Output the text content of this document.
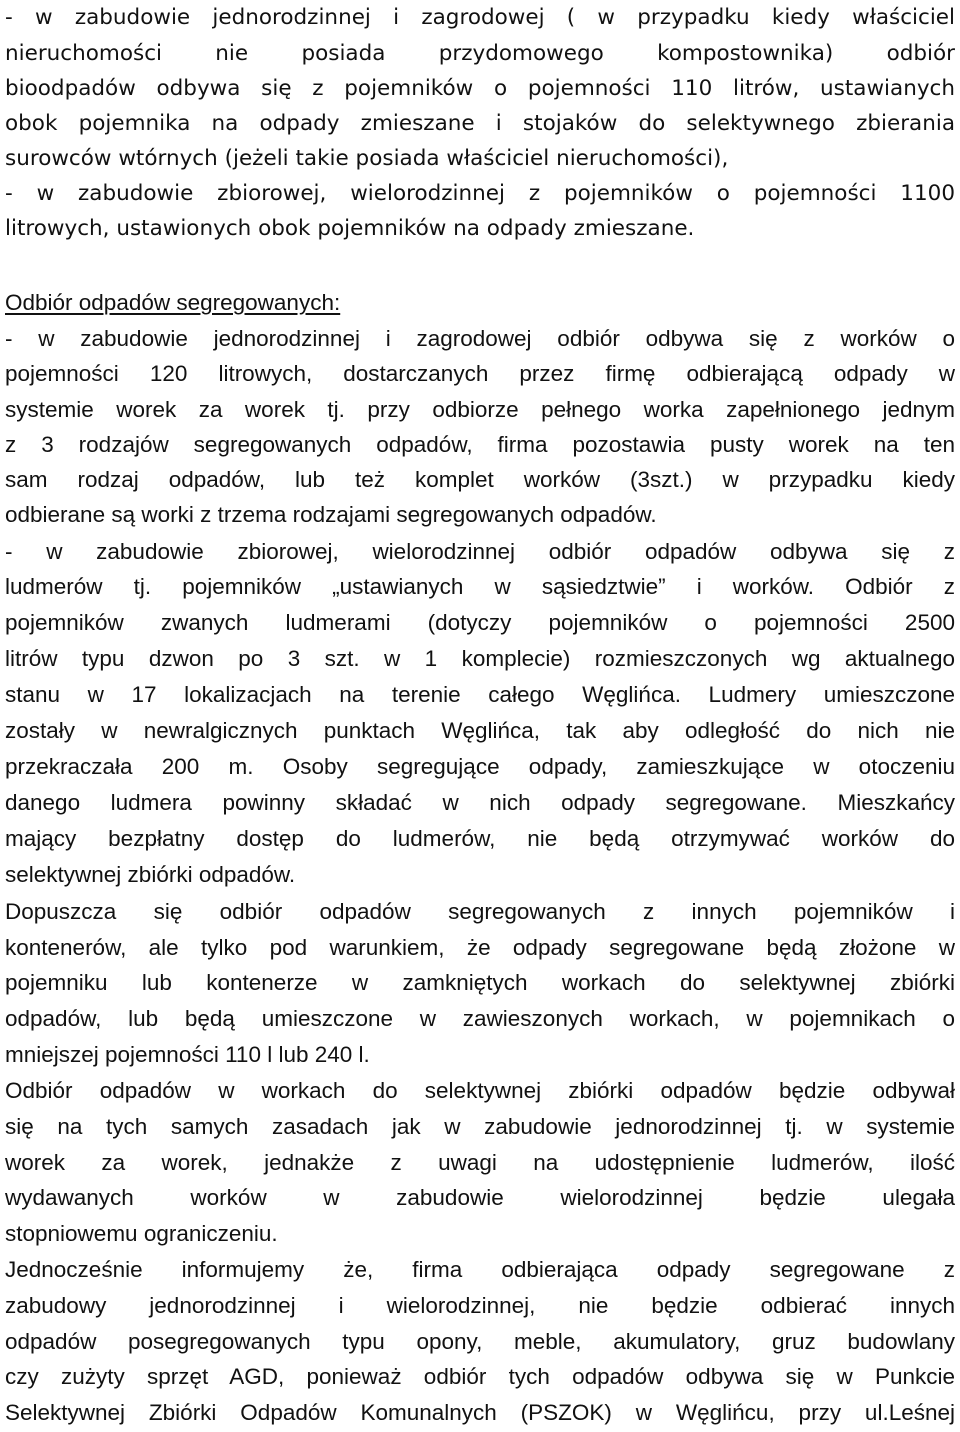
- w zabudowie jednorodzinnej i zagrodowej ( w przypadku kiedy właściciel
nieruchomości nie posiada przydomowego kompostownika) odbiór
bioodpadów odbywa się z pojemników o pojemności 110 litrów, ustawianych
obok pojemnika na odpady zmieszane i stojaków do selektywnego zbierania
surowców wtórnych (jeżeli takie posiada właściciel nieruchomości),
- w zabudowie zbiorowej, wielorodzinnej z pojemników o pojemności 1100
litrowych, ustawionych obok pojemników na odpady zmieszane.
Odbiór odpadów segregowanych:
- w zabudowie jednorodzinnej i zagrodowej odbiór odbywa się z worków o
pojemności 120 litrowych, dostarczanych przez firmę odbierającą odpady w
systemie worek za worek tj. przy odbiorze pełnego worka zapełnionego jednym
z 3 rodzajów segregowanych odpadów, firma pozostawia pusty worek na ten
sam rodzaj odpadów, lub też komplet worków (3szt.) w przypadku kiedy
odbierane są worki z trzema rodzajami segregowanych odpadów.
- w zabudowie zbiorowej, wielorodzinnej odbiór odpadów odbywa się z
ludmerów tj. pojemników „ustawianych w sąsiedztwie” i worków. Odbiór z
pojemników zwanych ludmerami (dotyczy pojemników o pojemności 2500
litrów typu dzwon po 3 szt. w 1 komplecie) rozmieszczonych wg aktualnego
stanu w 17 lokalizacjach na terenie całego Węglińca. Ludmery umieszczone
zostały w newralgicznych punktach Węglińca, tak aby odległość do nich nie
przekraczała 200 m. Osoby segregujące odpady, zamieszkujące w otoczeniu
danego ludmera powinny składać w nich odpady segregowane. Mieszkańcy
mający bezpłatny dostęp do ludmerów, nie będą otrzymywać worków do
selektywnej zbiórki odpadów.
Dopuszcza się odbiór odpadów segregowanych z innych pojemników i
kontenerów, ale tylko pod warunkiem, że odpady segregowane będą złożone w
pojemniku lub kontenerze w zamkniętych workach do selektywnej zbiórki
odpadów, lub będą umieszczone w zawieszonych workach, w pojemnikach o
mniejszej pojemności 110 l lub 240 l.
Odbiór odpadów w workach do selektywnej zbiórki odpadów będzie odbywał
się na tych samych zasadach jak w zabudowie jednorodzinnej tj. w systemie
worek za worek, jednakże z uwagi na udostępnienie ludmerów, ilość
wydawanych worków w zabudowie wielorodzinnej będzie ulegała
stopniowemu ograniczeniu.
Jednocześnie informujemy że, firma odbierająca odpady segregowane z
zabudowy jednorodzinnej i wielorodzinnej, nie będzie odbierać innych
odpadów posegregowanych typu opony, meble, akumulatory, gruz budowlany
czy zużyty sprzęt AGD, ponieważ odbiór tych odpadów odbywa się w Punkcie
Selektywnej Zbiórki Odpadów Komunalnych (PSZOK) w Węglińcu, przy ul.Leśnej
